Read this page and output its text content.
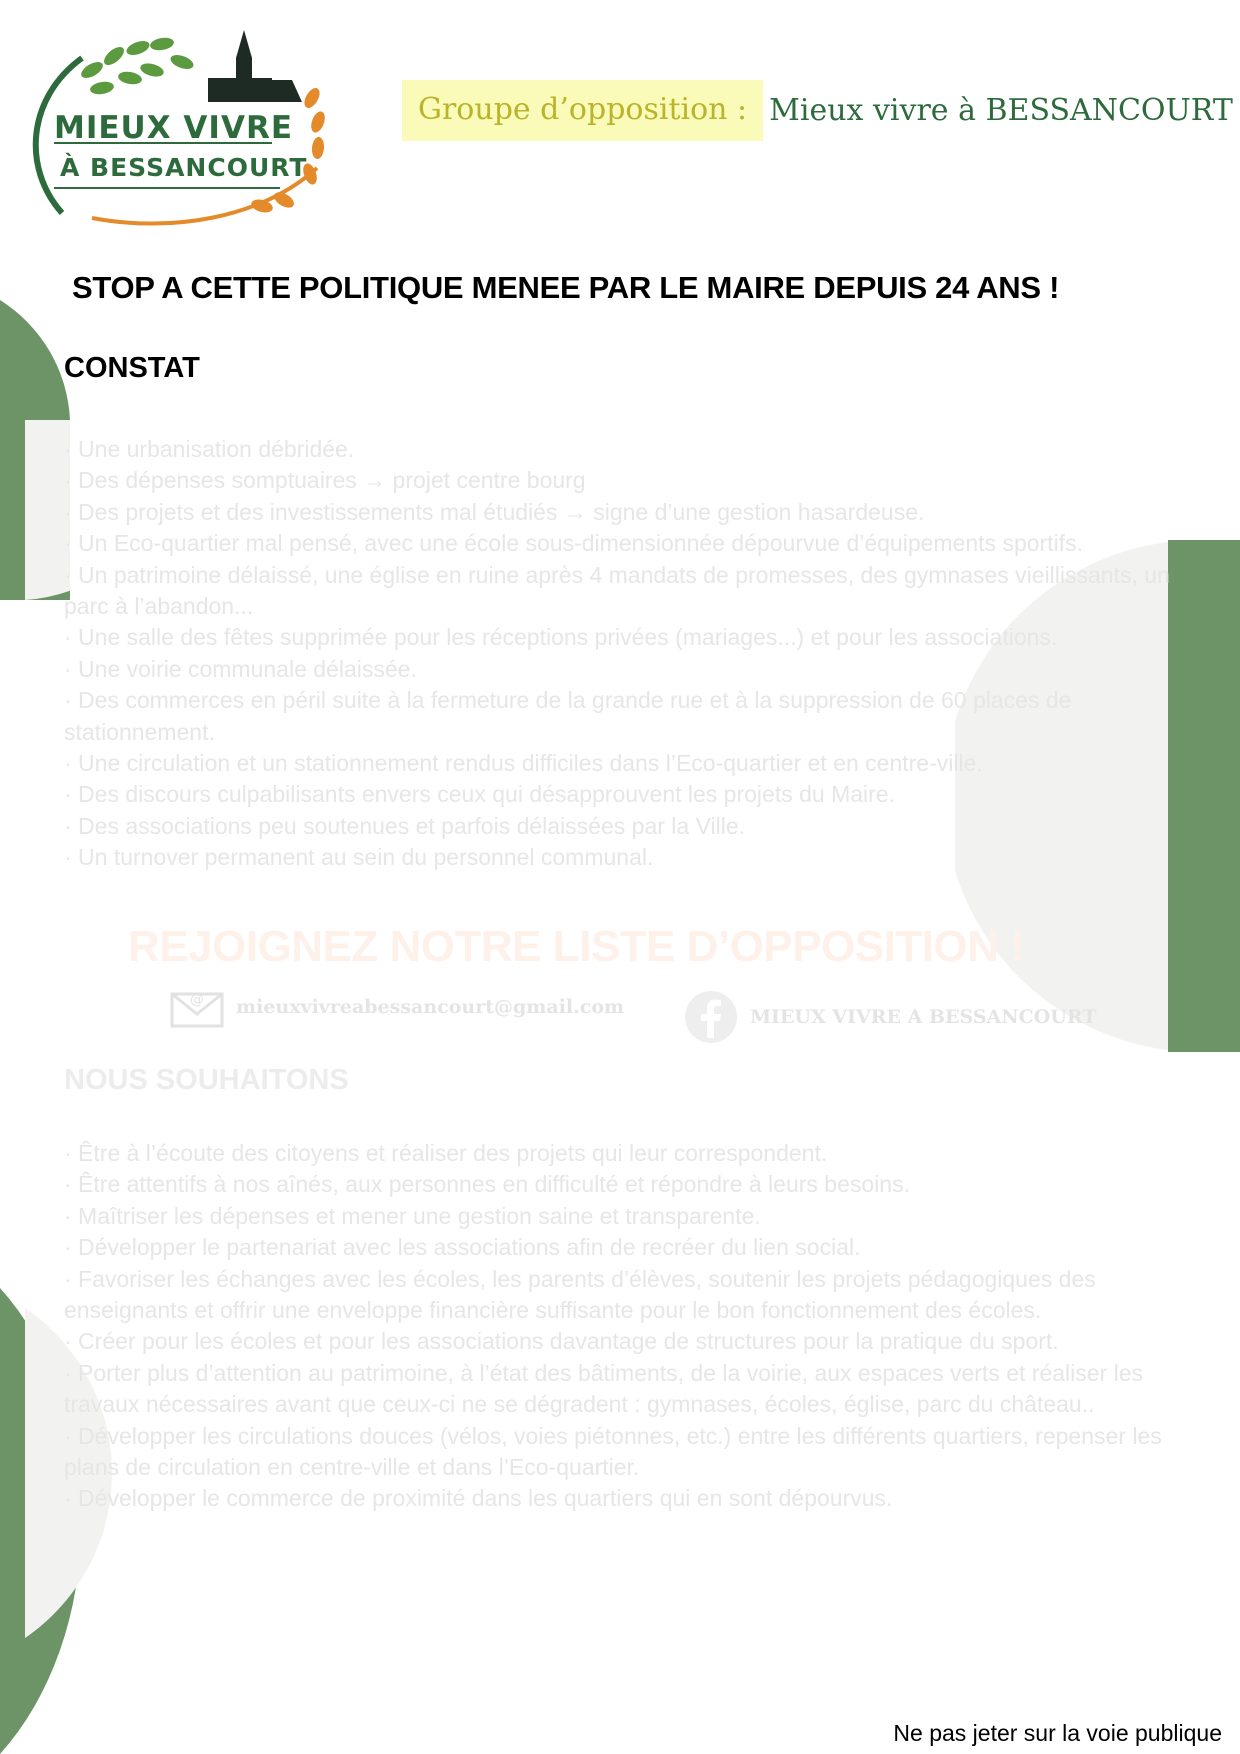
MIEUX VIVRE
À BESSANCOURT
Groupe d’opposition : Mieux vivre à BESSANCOURT
STOP A CETTE POLITIQUE MENEE PAR LE MAIRE DEPUIS 24 ANS !
CONSTAT
· Une urbanisation débridée.
· Des dépenses somptuaires → projet centre bourg
· Des projets et des investissements mal étudiés → signe d’une gestion hasardeuse.
· Un Eco-quartier mal pensé, avec une école sous-dimensionnée dépourvue d’équipements sportifs.
· Un patrimoine délaissé, une église en ruine après 4 mandats de promesses, des gymnases vieillissants, un parc à l’abandon...
· Une salle des fêtes supprimée pour les réceptions privées (mariages...) et pour les associations.
· Une voirie communale délaissée.
· Des commerces en péril suite à la fermeture de la grande rue et à la suppression de 60 places de stationnement.
· Une circulation et un stationnement rendus difficiles dans l’Eco-quartier et en centre-ville.
· Des discours culpabilisants envers ceux qui désapprouvent les projets du Maire.
· Des associations peu soutenues et parfois délaissées par la Ville.
· Un turnover permanent au sein du personnel communal.
REJOIGNEZ NOTRE LISTE D’OPPOSITION !
@ mieuxvivreabessancourt@gmail.com	MIEUX VIVRE A BESSANCOURT
NOUS SOUHAITONS
· Être à l’écoute des citoyens et réaliser des projets qui leur correspondent.
· Être attentifs à nos aînés, aux personnes en difficulté et répondre à leurs besoins.
· Maîtriser les dépenses et mener une gestion saine et transparente.
· Développer le partenariat avec les associations afin de recréer du lien social.
· Favoriser les échanges avec les écoles, les parents d’élèves, soutenir les projets pédagogiques des enseignants et offrir une enveloppe financière suffisante pour le bon fonctionnement des écoles.
· Créer pour les écoles et pour les associations davantage de structures pour la pratique du sport.
· Porter plus d’attention au patrimoine, à l’état des bâtiments, de la voirie, aux espaces verts et réaliser les travaux nécessaires avant que ceux-ci ne se dégradent : gymnases, écoles, église, parc du château..
· Développer les circulations douces (vélos, voies piétonnes, etc.) entre les différents quartiers, repenser les plans de circulation en centre-ville et dans l’Eco-quartier.
· Développer le commerce de proximité dans les quartiers qui en sont dépourvus.
Ne pas jeter sur la voie publique
